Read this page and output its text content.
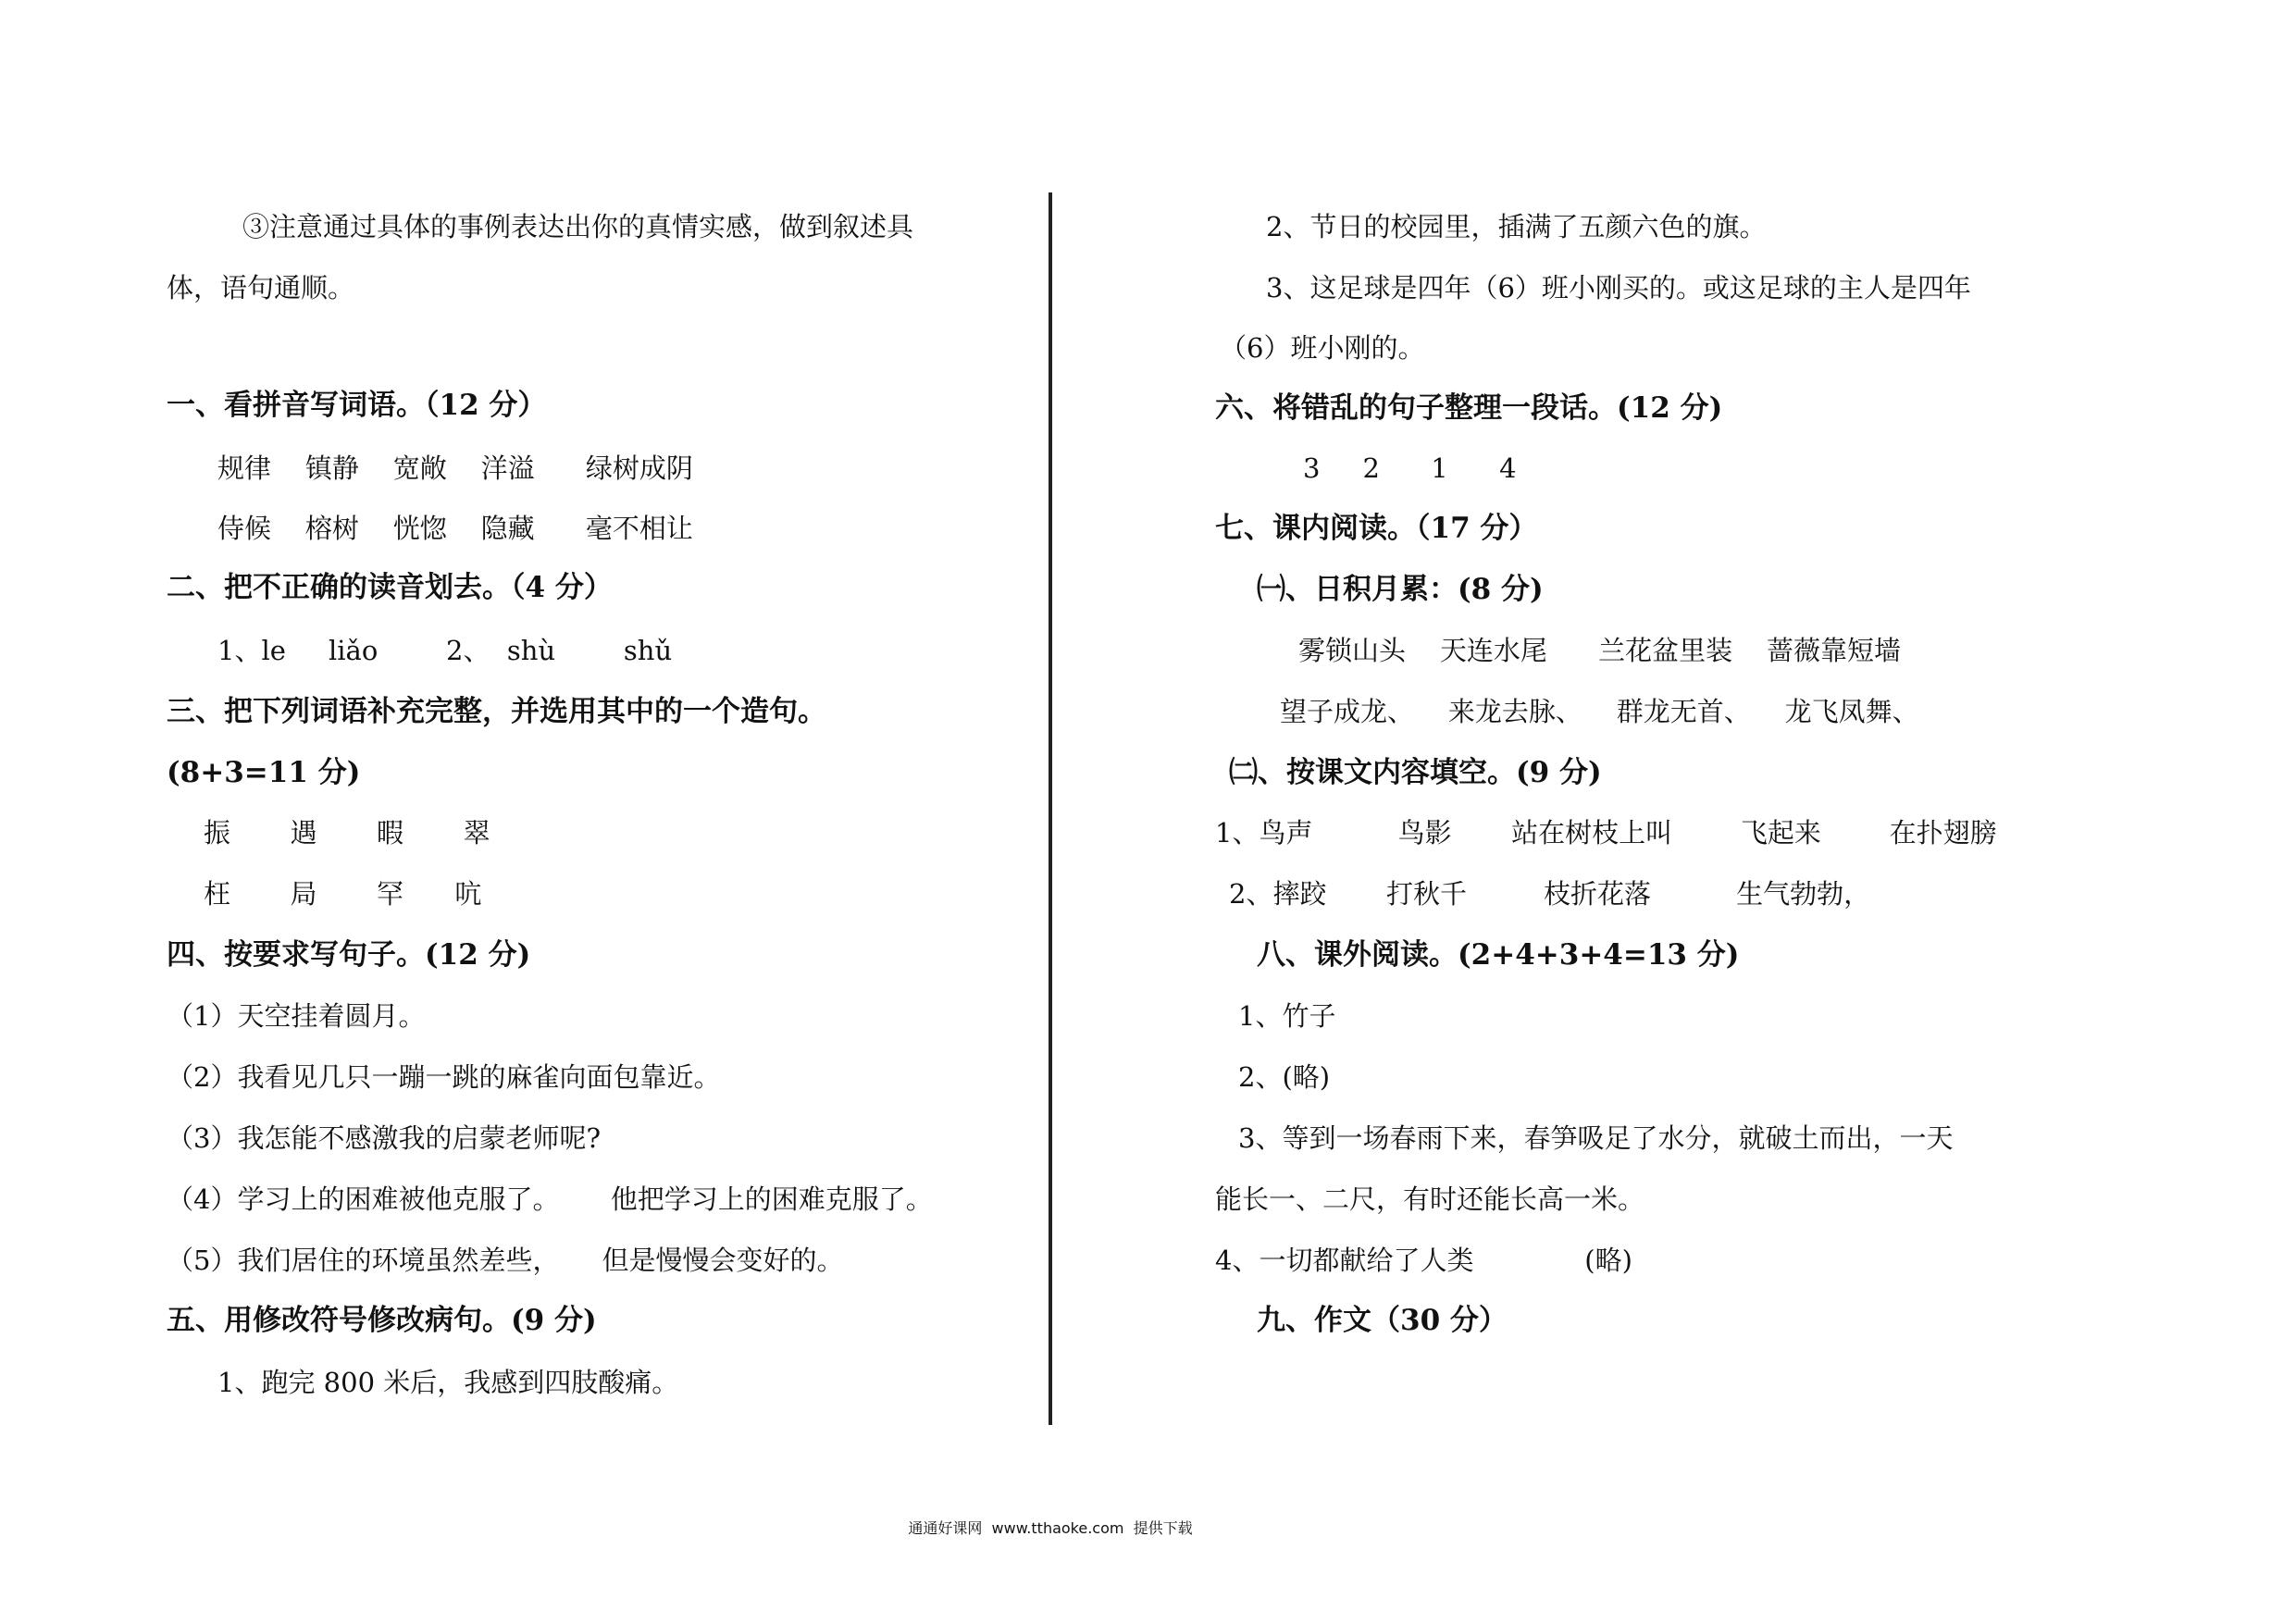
③注意通过具体的事例表达出你的真情实感，做到叙述具
体，语句通顺。
一、看拼音写词语。（12 分）
规律    镇静    宽敞    洋溢      绿树成阴
侍候    榕树    恍惚    隐藏      毫不相让
二、把不正确的读音划去。（4 分）
1、le     liǎo        2、  shù        shǔ
三、把下列词语补充完整，并选用其中的一个造句。
(8+3=11 分)
振       遇       暇       翠
枉       局       罕      吭
四、按要求写句子。(12 分)
（1）天空挂着圆月。
（2）我看见几只一蹦一跳的麻雀向面包靠近。
（3）我怎能不感激我的启蒙老师呢?
（4）学习上的困难被他克服了。      他把学习上的困难克服了。
（5）我们居住的环境虽然差些，     但是慢慢会变好的。
五、用修改符号修改病句。(9 分)
1、跑完 800 米后，我感到四肢酸痛。
2、节日的校园里，插满了五颜六色的旗。
3、这足球是四年（6）班小刚买的。或这足球的主人是四年
（6）班小刚的。
六、将错乱的句子整理一段话。(12 分)
3     2      1      4
七、课内阅读。（17 分）
㈠、日积月累：(8 分)
雾锁山头    天连水尾      兰花盆里装    蔷薇靠短墙
望子成龙、    来龙去脉、    群龙无首、    龙飞凤舞、
㈡、按课文内容填空。(9 分)
1、鸟声          鸟影       站在树枝上叫        飞起来        在扑翅膀
2、摔跤       打秋千         枝折花落          生气勃勃，
八、课外阅读。(2+4+3+4=13 分)
1、竹子
2、(略)
3、等到一场春雨下来，春笋吸足了水分，就破土而出，一天
能长一、二尺，有时还能长高一米。
4、一切都献给了人类             (略)
九、作文（30 分）
通通好课网  www.tthaoke.com  提供下载
